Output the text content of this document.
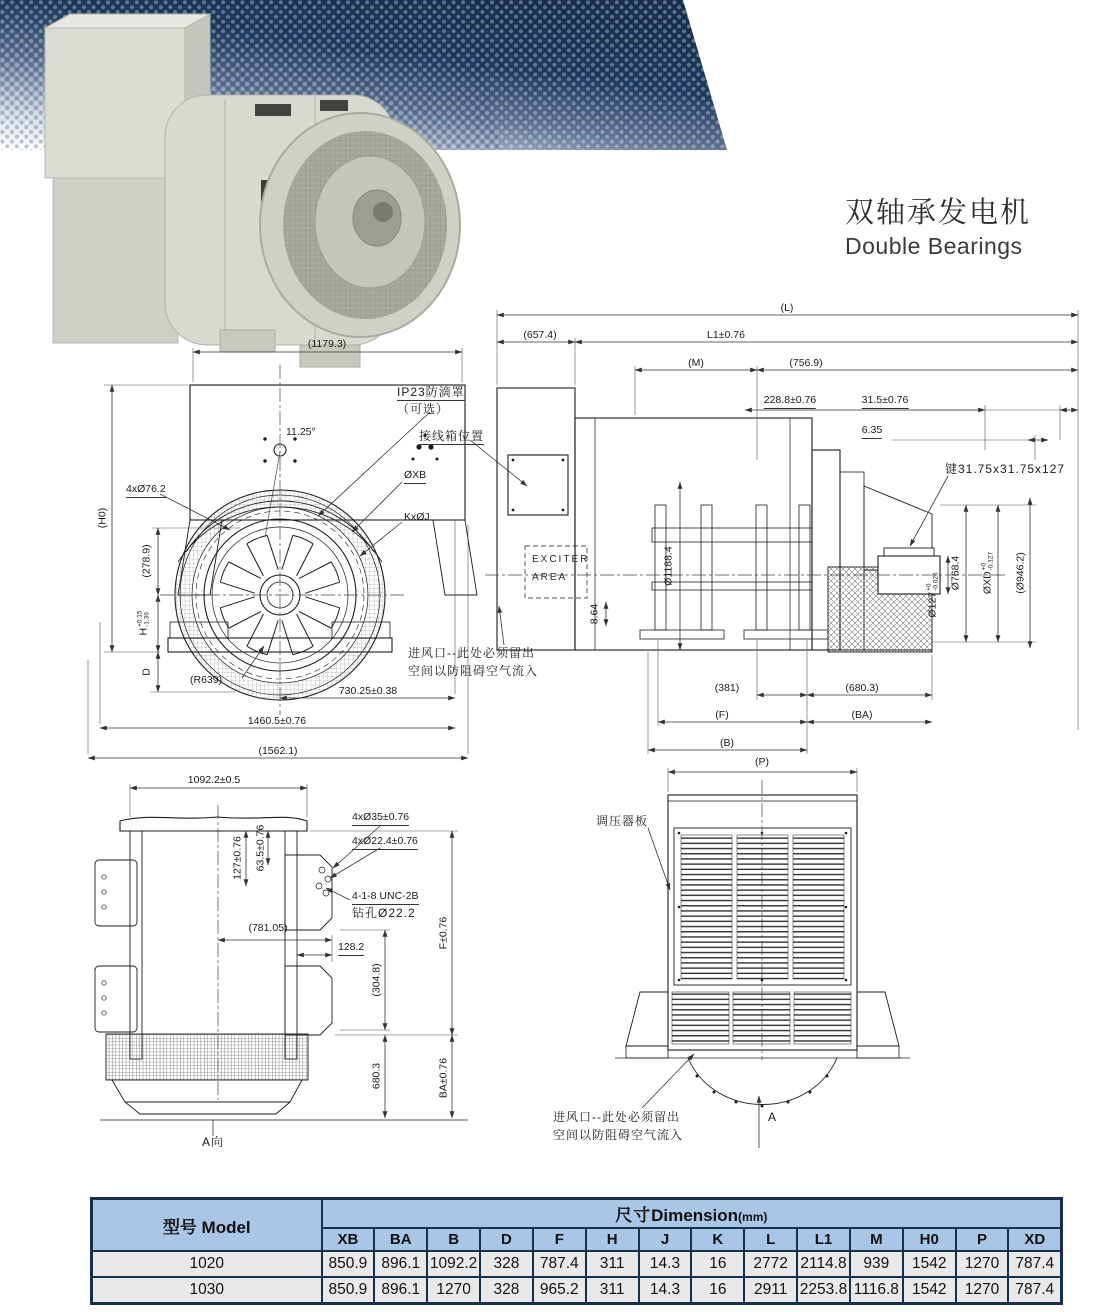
双轴承发电机
Double Bearings
(1179.3)
11.25°
IP23防滴罩
（可选）
接线箱位置
ØXB
KxØJ
4xØ76.2
(H0)
(278.9)
H
+0.15 -1.36
D
(R639)
730.25±0.38
1460.5±0.76
(1562.1)
(L)
(657.4)	L1±0.76
(M)	(756.9)
228.8±0.76	31.5±0.76
6.35
键31.75x31.75x127
Ø768.4 ØXD
+0 -0.127 (Ø946.2)
Ø127
+0 -0.026
Ø1188.4
8.64
EXCITER
AREA
进风口--此处必须留出
空间以防阻碍空气流入
(381)	(680.3)
(F)	(BA)
(B)
1092.2±0.5
127±0.76 63.5±0.76
4xØ35±0.76
4xØ22.4±0.76
4-1-8 UNC-2B
钻孔Ø22.2
(781.05)
128.2
(304.8)
F±0.76
680.3	BA±0.76
A向
(P)
调压器板
进风口--此处必须留出
空间以防阻碍空气流入
A
型号 Model	尺寸Dimension(mm)													
	XB	BA	B	D	F	H	J	K	L	L1	M	H0	P	XD
1020	850.9	896.1	1092.2	328	787.4	311	14.3	16	2772	2114.8	939	1542	1270	787.4
1030	850.9	896.1	1270	328	965.2	311	14.3	16	2911	2253.8	1116.8	1542	1270	787.4
